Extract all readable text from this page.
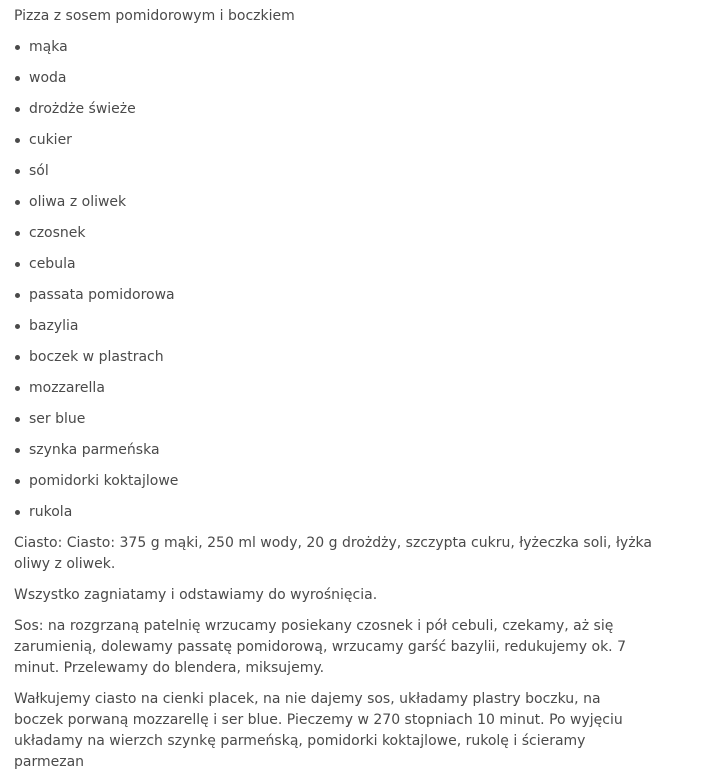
Pizza z sosem pomidorowym i boczkiem

mąka
woda
drożdże świeże
cukier
sól
oliwa z oliwek
czosnek
cebula
passata pomidorowa
bazylia
boczek w plastrach
mozzarella
ser blue
szynka parmeńska
pomidorki koktajlowe
rukola

Ciasto: Ciasto: 375 g mąki, 250 ml wody, 20 g drożdży, szczypta cukru, łyżeczka soli, łyżka oliwy z oliwek.

Wszystko zagniatamy i odstawiamy do wyrośnięcia.

Sos: na rozgrzaną patelnię wrzucamy posiekany czosnek i pół cebuli, czekamy, aż się zarumienią, dolewamy passatę pomidorową, wrzucamy garść bazylii, redukujemy ok. 7 minut. Przelewamy do blendera, miksujemy.

Wałkujemy ciasto na cienki placek, na nie dajemy sos, układamy plastry boczku, na boczek porwaną mozzarellę i ser blue. Pieczemy w 270 stopniach 10 minut. Po wyjęciu układamy na wierzch szynkę parmeńską, pomidorki koktajlowe, rukolę i ścieramy parmezan
